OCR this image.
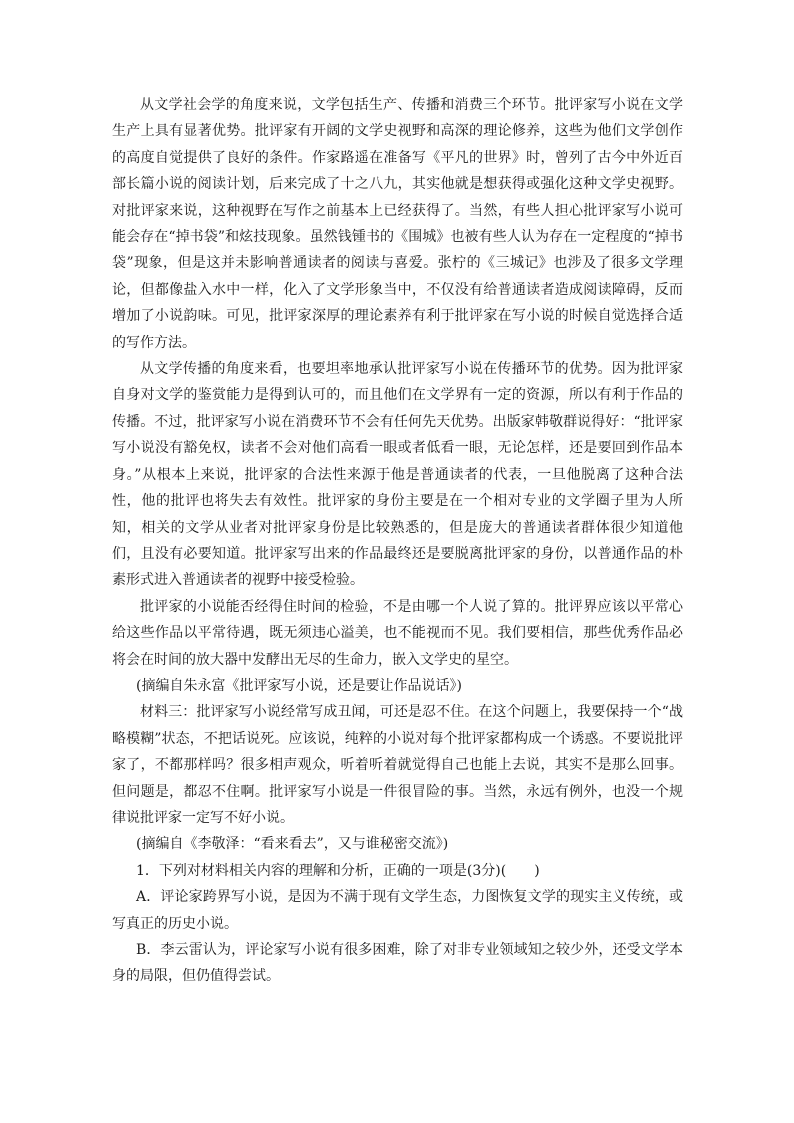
从文学社会学的角度来说，文学包括生产、传播和消费三个环节。批评家写小说在文学生产上具有显著优势。批评家有开阔的文学史视野和高深的理论修养，这些为他们文学创作的高度自觉提供了良好的条件。作家路遥在准备写《平凡的世界》时，曾列了古今中外近百部长篇小说的阅读计划，后来完成了十之八九，其实他就是想获得或强化这种文学史视野。对批评家来说，这种视野在写作之前基本上已经获得了。当然，有些人担心批评家写小说可能会存在“掉书袋”和炫技现象。虽然钱锺书的《围城》也被有些人认为存在一定程度的“掉书袋”现象，但是这并未影响普通读者的阅读与喜爱。张柠的《三城记》也涉及了很多文学理论，但都像盐入水中一样，化入了文学形象当中，不仅没有给普通读者造成阅读障碍，反而增加了小说韵味。可见，批评家深厚的理论素养有利于批评家在写小说的时候自觉选择合适的写作方法。

从文学传播的角度来看，也要坦率地承认批评家写小说在传播环节的优势。因为批评家自身对文学的鉴赏能力是得到认可的，而且他们在文学界有一定的资源，所以有利于作品的传播。不过，批评家写小说在消费环节不会有任何先天优势。出版家韩敬群说得好：“批评家写小说没有豁免权，读者不会对他们高看一眼或者低看一眼，无论怎样，还是要回到作品本身。”从根本上来说，批评家的合法性来源于他是普通读者的代表，一旦他脱离了这种合法性，他的批评也将失去有效性。批评家的身份主要是在一个相对专业的文学圈子里为人所知，相关的文学从业者对批评家身份是比较熟悉的，但是庞大的普通读者群体很少知道他们，且没有必要知道。批评家写出来的作品最终还是要脱离批评家的身份，以普通作品的朴素形式进入普通读者的视野中接受检验。

批评家的小说能否经得住时间的检验，不是由哪一个人说了算的。批评界应该以平常心给这些作品以平常待遇，既无须违心溢美，也不能视而不见。我们要相信，那些优秀作品必将会在时间的放大器中发酵出无尽的生命力，嵌入文学史的星空。

(摘编自朱永富《批评家写小说，还是要让作品说话》)

材料三：批评家写小说经常写成丑闻，可还是忍不住。在这个问题上，我要保持一个“战略模糊”状态，不把话说死。应该说，纯粹的小说对每个批评家都构成一个诱惑。不要说批评家了，不都那样吗？很多相声观众，听着听着就觉得自己也能上去说，其实不是那么回事。但问题是，都忍不住啊。批评家写小说是一件很冒险的事。当然，永远有例外，也没一个规律说批评家一定写不好小说。

(摘编自《李敬泽：“看来看去”，又与谁秘密交流》)

1．下列对材料相关内容的理解和分析，正确的一项是(3分)(　　)

A．评论家跨界写小说，是因为不满于现有文学生态，力图恢复文学的现实主义传统，或写真正的历史小说。

B．李云雷认为，评论家写小说有很多困难，除了对非专业领域知之较少外，还受文学本身的局限，但仍值得尝试。
